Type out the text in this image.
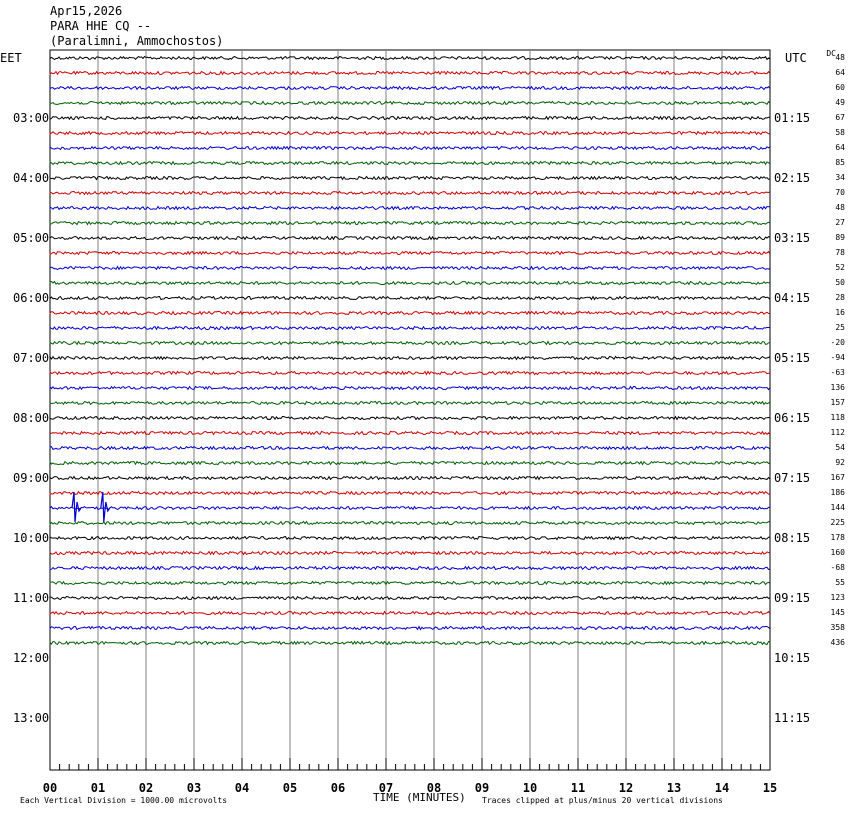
Apr15,2026
PARA HHE CQ --
(Paralimni, Ammochostos)
EET	UTC	DC
00	01	02	03	04	05	06	07	08	09	10	11	12	13	14	15
03:00
04:00
05:00
06:00
07:00
08:00
09:00
10:00
11:00
12:00
13:00
01:15
02:15
03:15
04:15
05:15
06:15
07:15
08:15
09:15
10:15
11:15
48
64
60
49
67
58
64
85
34
70
48
27
89
78
52
50
28
16
25
-20
-94
-63
136
157
118
112
54
92
167
186
144
225
178
160
-68
55
123
145
358
436
TIME (MINUTES)
Each Vertical Division = 1000.00 microvolts	Traces clipped at plus/minus 20 vertical divisions
